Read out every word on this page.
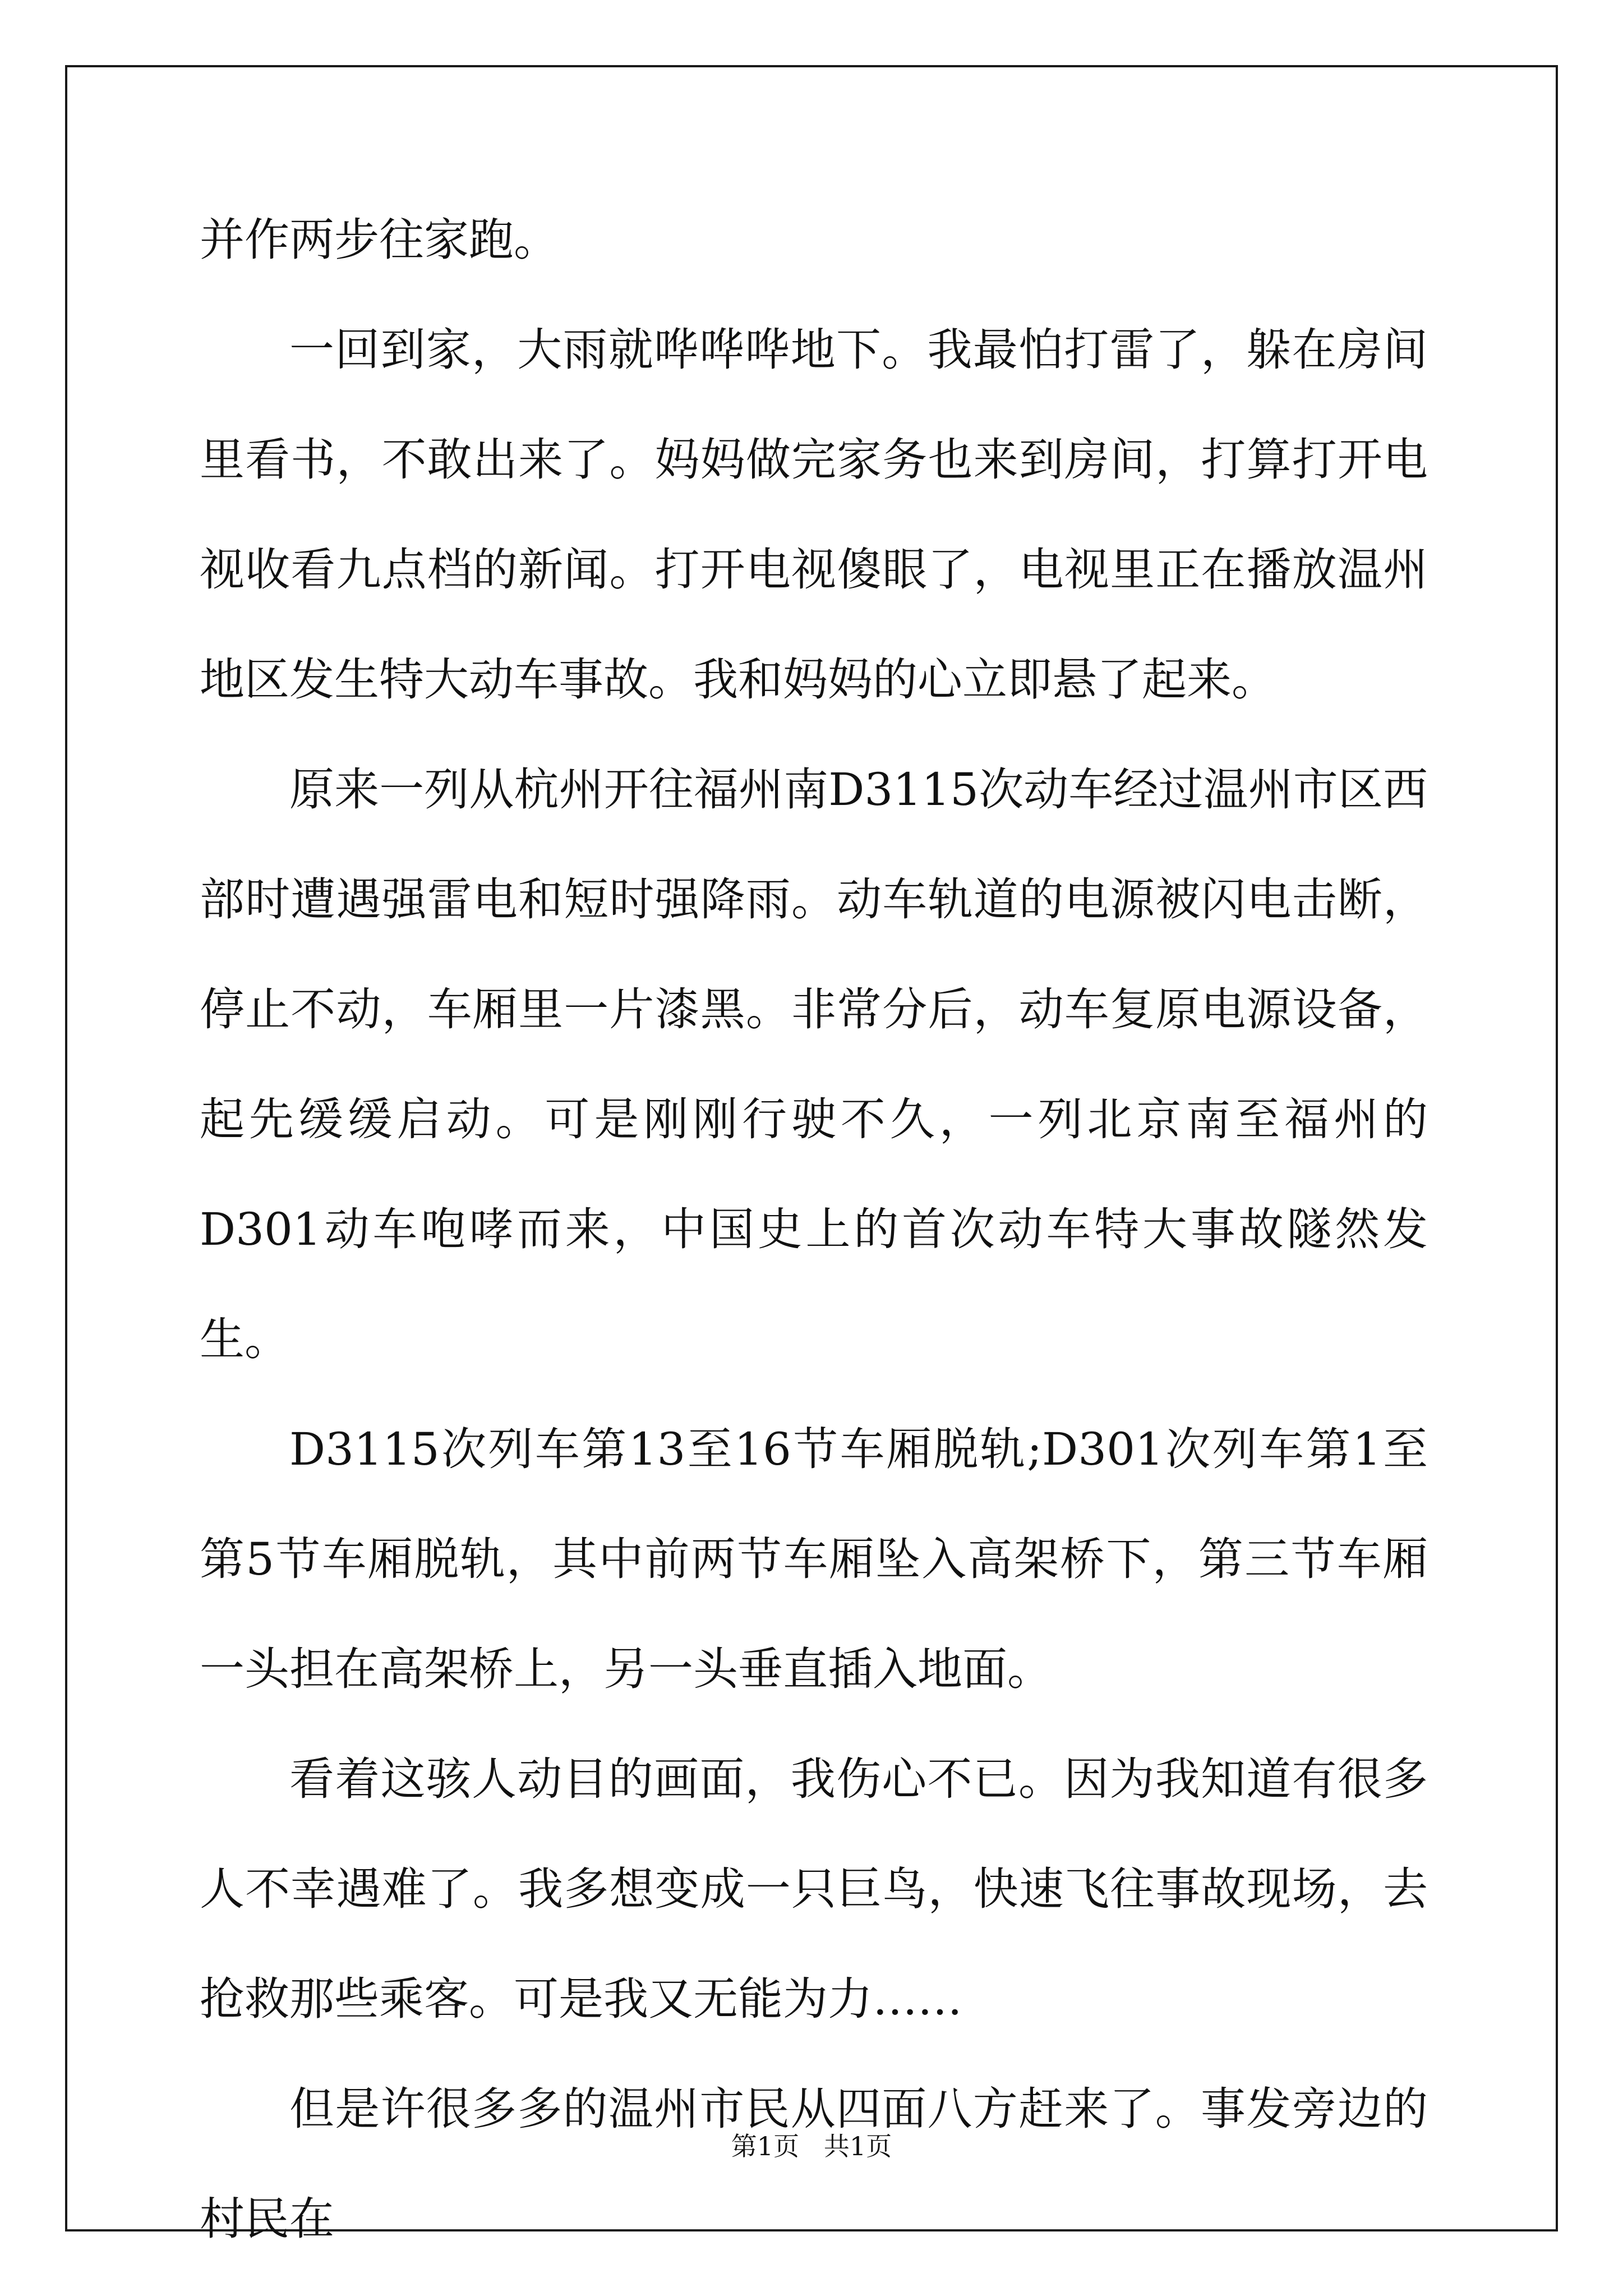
并作两步往家跑。

一回到家，大雨就哗哗哗地下。我最怕打雷了，躲在房间里看书，不敢出来了。妈妈做完家务也来到房间，打算打开电视收看九点档的新闻。打开电视傻眼了，电视里正在播放温州地区发生特大动车事故。我和妈妈的心立即悬了起来。

原来一列从杭州开往福州南D3115次动车经过温州市区西部时遭遇强雷电和短时强降雨。动车轨道的电源被闪电击断，停止不动，车厢里一片漆黑。非常分后，动车复原电源设备，起先缓缓启动。可是刚刚行驶不久，一列北京南至福州的D301动车咆哮而来，中国史上的首次动车特大事故隧然发生。

D3115次列车第13至16节车厢脱轨;D301次列车第1至第5节车厢脱轨，其中前两节车厢坠入高架桥下，第三节车厢一头担在高架桥上，另一头垂直插入地面。

看着这骇人动目的画面，我伤心不已。因为我知道有很多人不幸遇难了。我多想变成一只巨鸟，快速飞往事故现场，去抢救那些乘客。可是我又无能为力……

但是许很多多的温州市民从四面八方赶来了。事发旁边的村民在

第1页   共1页
